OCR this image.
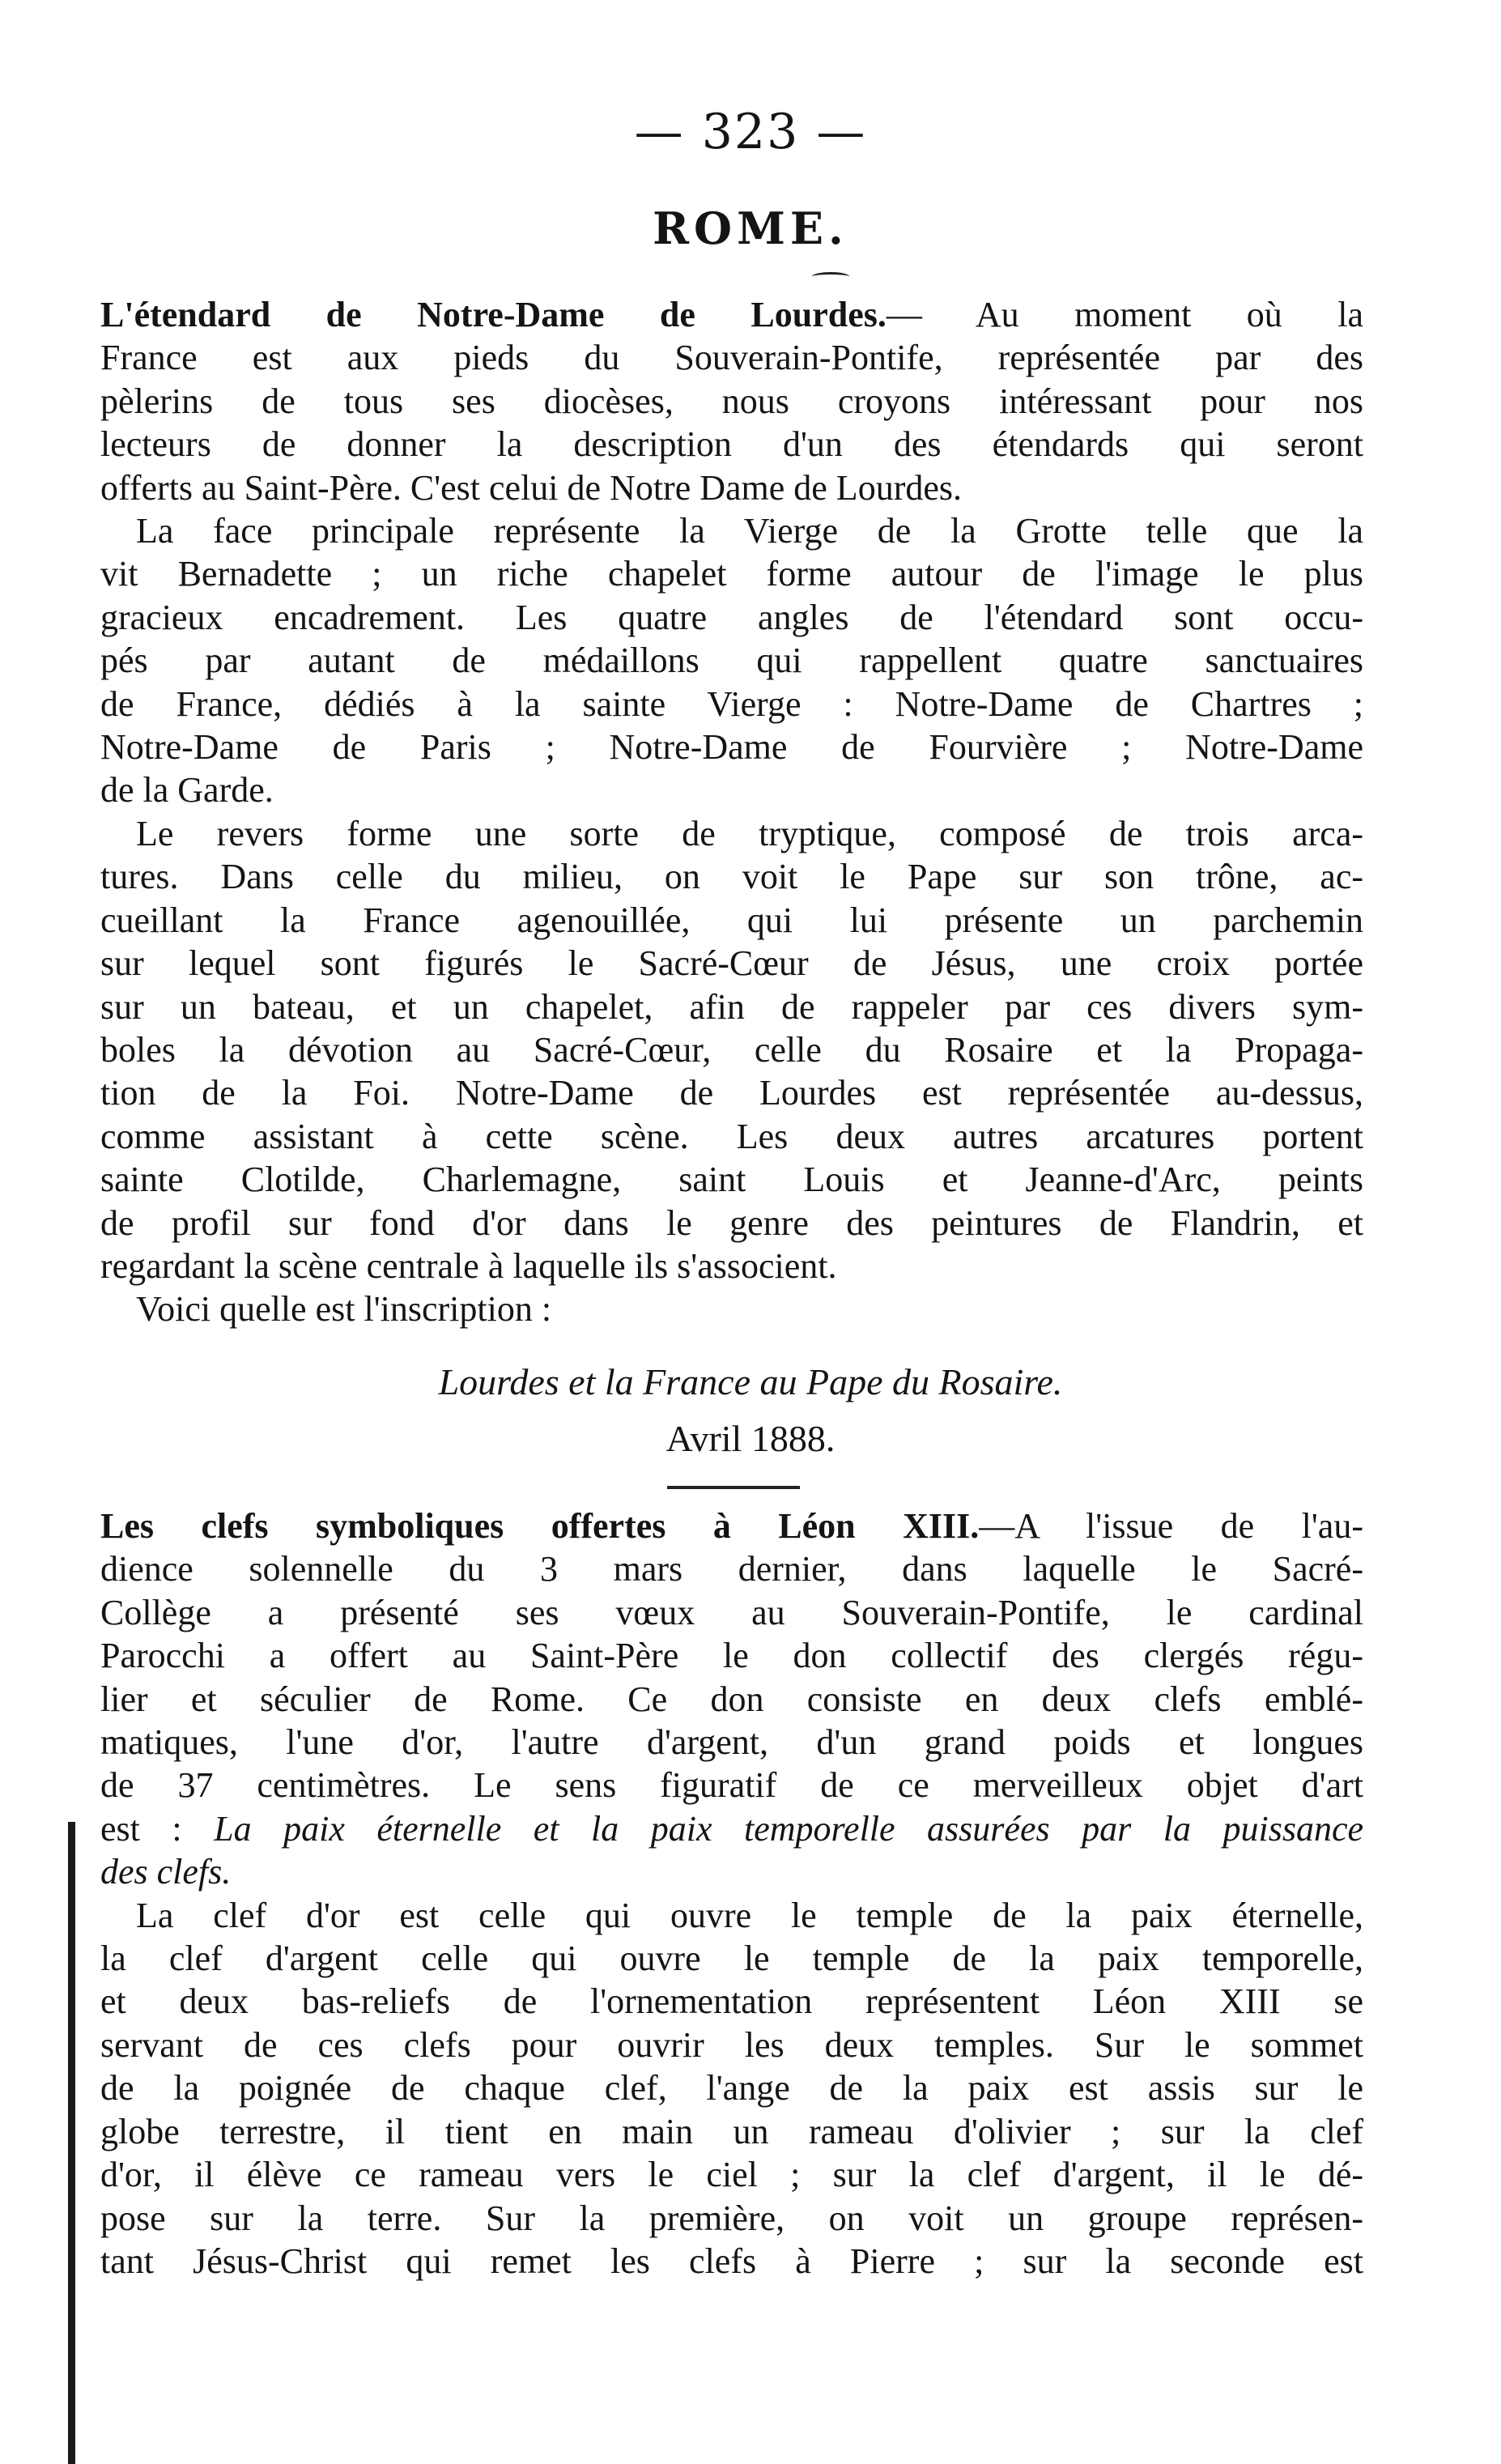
— 323 —
ROME.

L'étendard de Notre-Dame de Lourdes.— Au moment où la
France est aux pieds du Souverain-Pontife, représentée par des
pèlerins de tous ses diocèses, nous croyons intéressant pour nos
lecteurs de donner la description d'un des étendards qui seront
offerts au Saint-Père. C'est celui de Notre Dame de Lourdes.
La face principale représente la Vierge de la Grotte telle que la
vit Bernadette ; un riche chapelet forme autour de l'image le plus
gracieux encadrement. Les quatre angles de l'étendard sont occu-
pés par autant de médaillons qui rappellent quatre sanctuaires
de France, dédiés à la sainte Vierge : Notre-Dame de Chartres ;
Notre-Dame de Paris ; Notre-Dame de Fourvière ; Notre-Dame
de la Garde.
Le revers forme une sorte de tryptique, composé de trois arca-
tures. Dans celle du milieu, on voit le Pape sur son trône, ac-
cueillant la France agenouillée, qui lui présente un parchemin
sur lequel sont figurés le Sacré-Cœur de Jésus, une croix portée
sur un bateau, et un chapelet, afin de rappeler par ces divers sym-
boles la dévotion au Sacré-Cœur, celle du Rosaire et la Propaga-
tion de la Foi. Notre-Dame de Lourdes est représentée au-dessus,
comme assistant à cette scène. Les deux autres arcatures portent
sainte Clotilde, Charlemagne, saint Louis et Jeanne-d'Arc, peints
de profil sur fond d'or dans le genre des peintures de Flandrin, et
regardant la scène centrale à laquelle ils s'associent.
Voici quelle est l'inscription :

Lourdes et la France au Pape du Rosaire.

Avril 1888.

Les clefs symboliques offertes à Léon XIII.—A l'issue de l'au-
dience solennelle du 3 mars dernier, dans laquelle le Sacré-
Collège a présenté ses vœux au Souverain-Pontife, le cardinal
Parocchi a offert au Saint-Père le don collectif des clergés régu-
lier et séculier de Rome. Ce don consiste en deux clefs emblé-
matiques, l'une d'or, l'autre d'argent, d'un grand poids et longues
de 37 centimètres. Le sens figuratif de ce merveilleux objet d'art
est : La paix éternelle et la paix temporelle assurées par la puissance
des clefs.
La clef d'or est celle qui ouvre le temple de la paix éternelle,
la clef d'argent celle qui ouvre le temple de la paix temporelle,
et deux bas-reliefs de l'ornementation représentent Léon XIII se
servant de ces clefs pour ouvrir les deux temples. Sur le sommet
de la poignée de chaque clef, l'ange de la paix est assis sur le
globe terrestre, il tient en main un rameau d'olivier ; sur la clef
d'or, il élève ce rameau vers le ciel ; sur la clef d'argent, il le dé-
pose sur la terre. Sur la première, on voit un groupe représen-
tant Jésus-Christ qui remet les clefs à Pierre ; sur la seconde est
